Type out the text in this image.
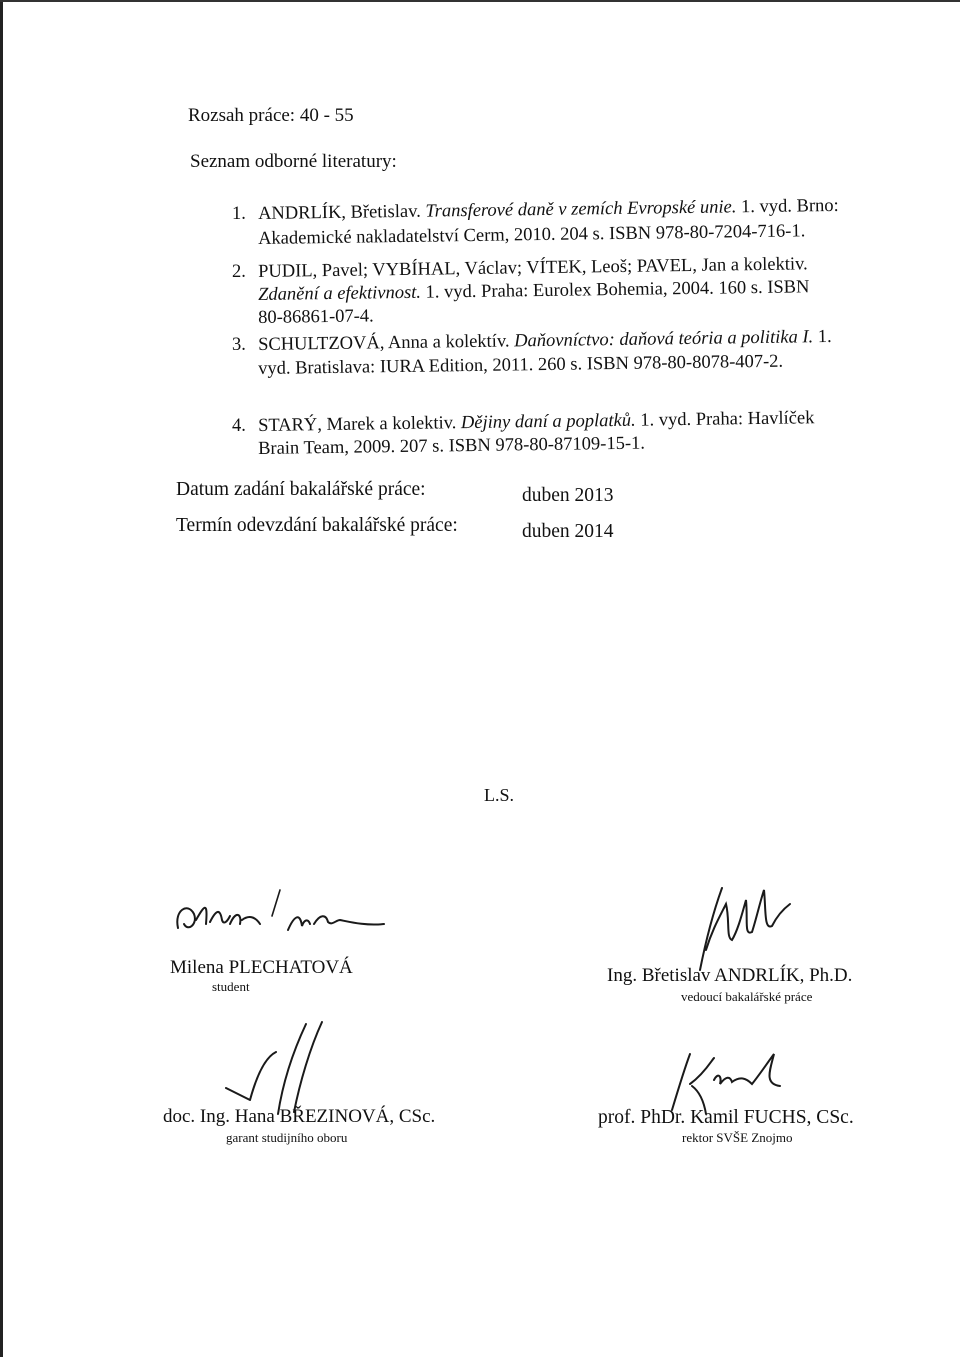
Rozsah práce: 40 - 55
Seznam odborné literatury:
1. ANDRLÍK, Břetislav. Transferové daně v zemích Evropské unie. 1. vyd. Brno:
Akademické nakladatelství Cerm, 2010. 204 s. ISBN 978-80-7204-716-1.
2. PUDIL, Pavel; VYBÍHAL, Václav; VÍTEK, Leoš; PAVEL, Jan a kolektiv.
Zdanění a efektivnost. 1. vyd. Praha: Eurolex Bohemia, 2004. 160 s. ISBN
80-86861-07-4.
3. SCHULTZOVÁ, Anna a kolektív. Daňovníctvo: daňová teória a politika I. 1.
vyd. Bratislava: IURA Edition, 2011. 260 s. ISBN 978-80-8078-407-2.
4. STARÝ, Marek a kolektiv. Dějiny daní a poplatků. 1. vyd. Praha: Havlíček
Brain Team, 2009. 207 s. ISBN 978-80-87109-15-1.
Datum zadání bakalářské práce:	duben 2013
Termín odevzdání bakalářské práce:	duben 2014
L.S.
Milena PLECHATOVÁ
student
Ing. Břetislav ANDRLÍK, Ph.D.
vedoucí bakalářské práce
doc. Ing. Hana BŘEZINOVÁ, CSc.
garant studijního oboru
prof. PhDr. Kamil FUCHS, CSc.
rektor SVŠE Znojmo
